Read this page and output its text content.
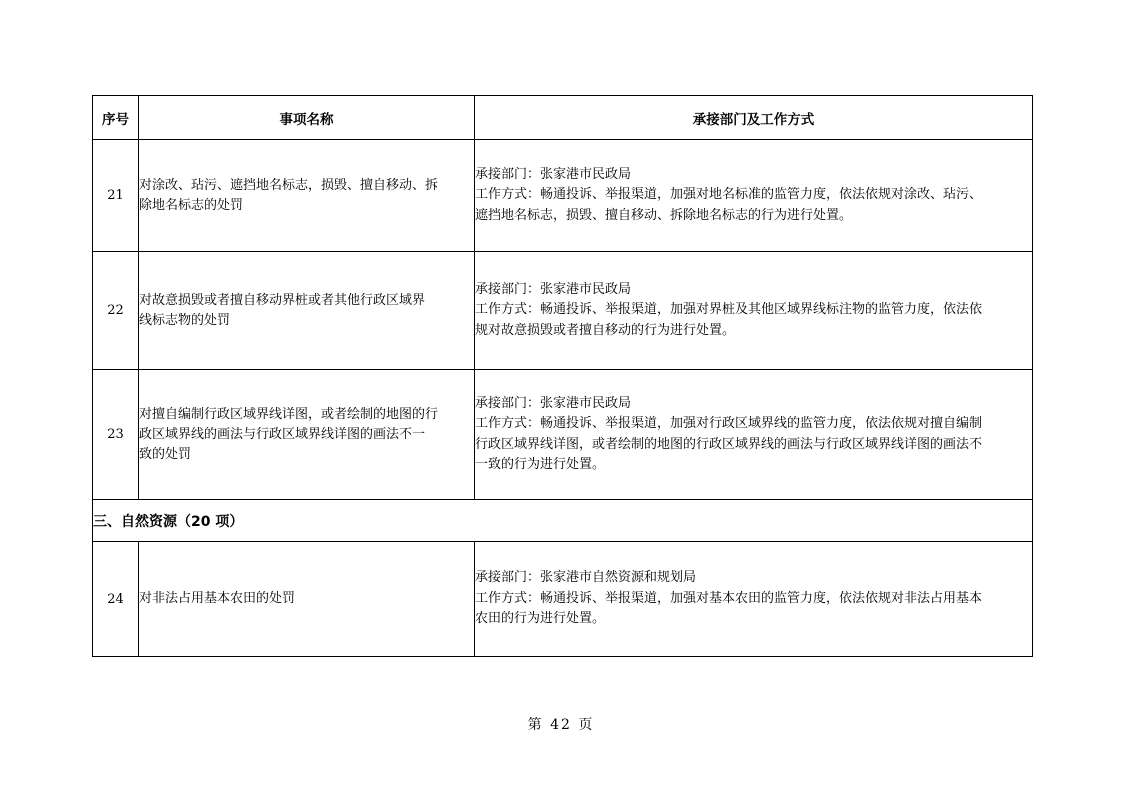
序号	事项名称	承接部门及工作方式
21	对涂改、玷污、遮挡地名标志，损毁、擅自移动、拆
除地名标志的处罚	承接部门：张家港市民政局
工作方式：畅通投诉、举报渠道，加强对地名标准的监管力度，依法依规对涂改、玷污、
遮挡地名标志，损毁、擅自移动、拆除地名标志的行为进行处置。

22	对故意损毁或者擅自移动界桩或者其他行政区域界
线标志物的处罚	承接部门：张家港市民政局
工作方式：畅通投诉、举报渠道，加强对界桩及其他区域界线标注物的监管力度，依法依
规对故意损毁或者擅自移动的行为进行处置。

23	对擅自编制行政区域界线详图，或者绘制的地图的行
政区域界线的画法与行政区域界线详图的画法不一
致的处罚	承接部门：张家港市民政局
工作方式：畅通投诉、举报渠道，加强对行政区域界线的监管力度，依法依规对擅自编制
行政区域界线详图，或者绘制的地图的行政区域界线的画法与行政区域界线详图的画法不
一致的行为进行处置。

三、自然资源（20 项）		
24	对非法占用基本农田的处罚	承接部门：张家港市自然资源和规划局
工作方式：畅通投诉、举报渠道，加强对基本农田的监管力度，依法依规对非法占用基本
农田的行为进行处置。
第 42 页
